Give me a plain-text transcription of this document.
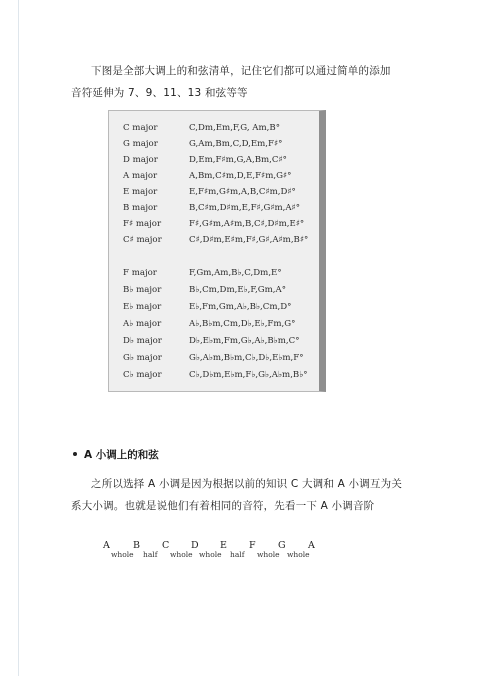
下图是全部大调上的和弦清单，记住它们都可以通过简单的添加
音符延伸为 7、9、11、13 和弦等等
C major	C,Dm,Em,F,G, Am,B°
G major	G,Am,Bm,C,D,Em,F♯°
D major	D,Em,F♯m,G,A,Bm,C♯°
A major	A,Bm,C♯m,D,E,F♯m,G♯°
E major	E,F♯m,G♯m,A,B,C♯m,D♯°
B major	B,C♯m,D♯m,E,F♯,G♯m,A♯°
F♯ major	F♯,G♯m,A♯m,B,C♯,D♯m,E♯°
C♯ major	C♯,D♯m,E♯m,F♯,G♯,A♯m,B♯°
F major	F,Gm,Am,B♭,C,Dm,E°
B♭ major	B♭,Cm,Dm,E♭,F,Gm,A°
E♭ major	E♭,Fm,Gm,A♭,B♭,Cm,D°
A♭ major	A♭,B♭m,Cm,D♭,E♭,Fm,G°
D♭ major	D♭,E♭m,Fm,G♭,A♭,B♭m,C°
G♭ major	G♭,A♭m,B♭m,C♭,D♭,E♭m,F°
C♭ major	C♭,D♭m,E♭m,F♭,G♭,A♭m,B♭°
A 小调上的和弦
之所以选择 A 小调是因为根据以前的知识 C 大调和 A 小调互为关
系大小调。也就是说他们有着相同的音符，先看一下 A 小调音阶
A
whole
B
half
C
whole
D
whole
E
half
F
whole
G
whole
A
